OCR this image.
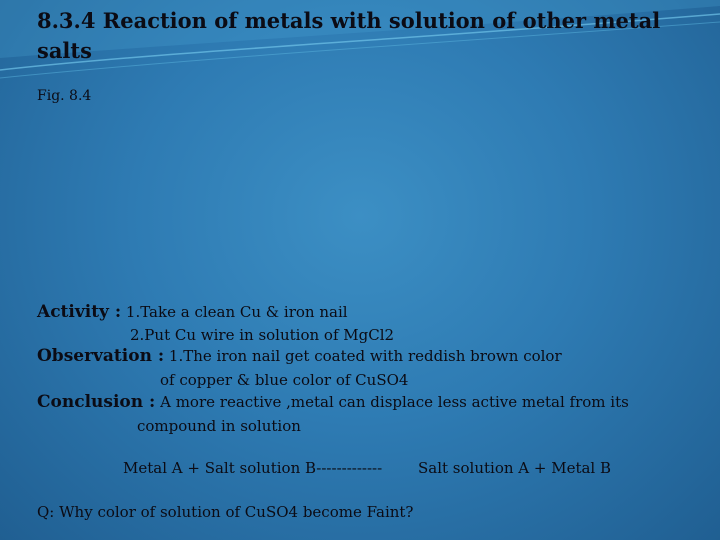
8.3.4 Reaction of metals with solution of other metal salts
Fig. 8.4
Activity : 1.Take a clean Cu & iron nail
2.Put Cu wire in solution of MgCl2
Observation : 1.The iron nail get coated with reddish brown color
of copper & blue color of CuSO4
Conclusion : A more reactive ,metal can displace less active metal from its
compound in solution
Metal A + Salt solution B------------- Salt solution A + Metal B
Q: Why color of solution of CuSO4 become Faint?
